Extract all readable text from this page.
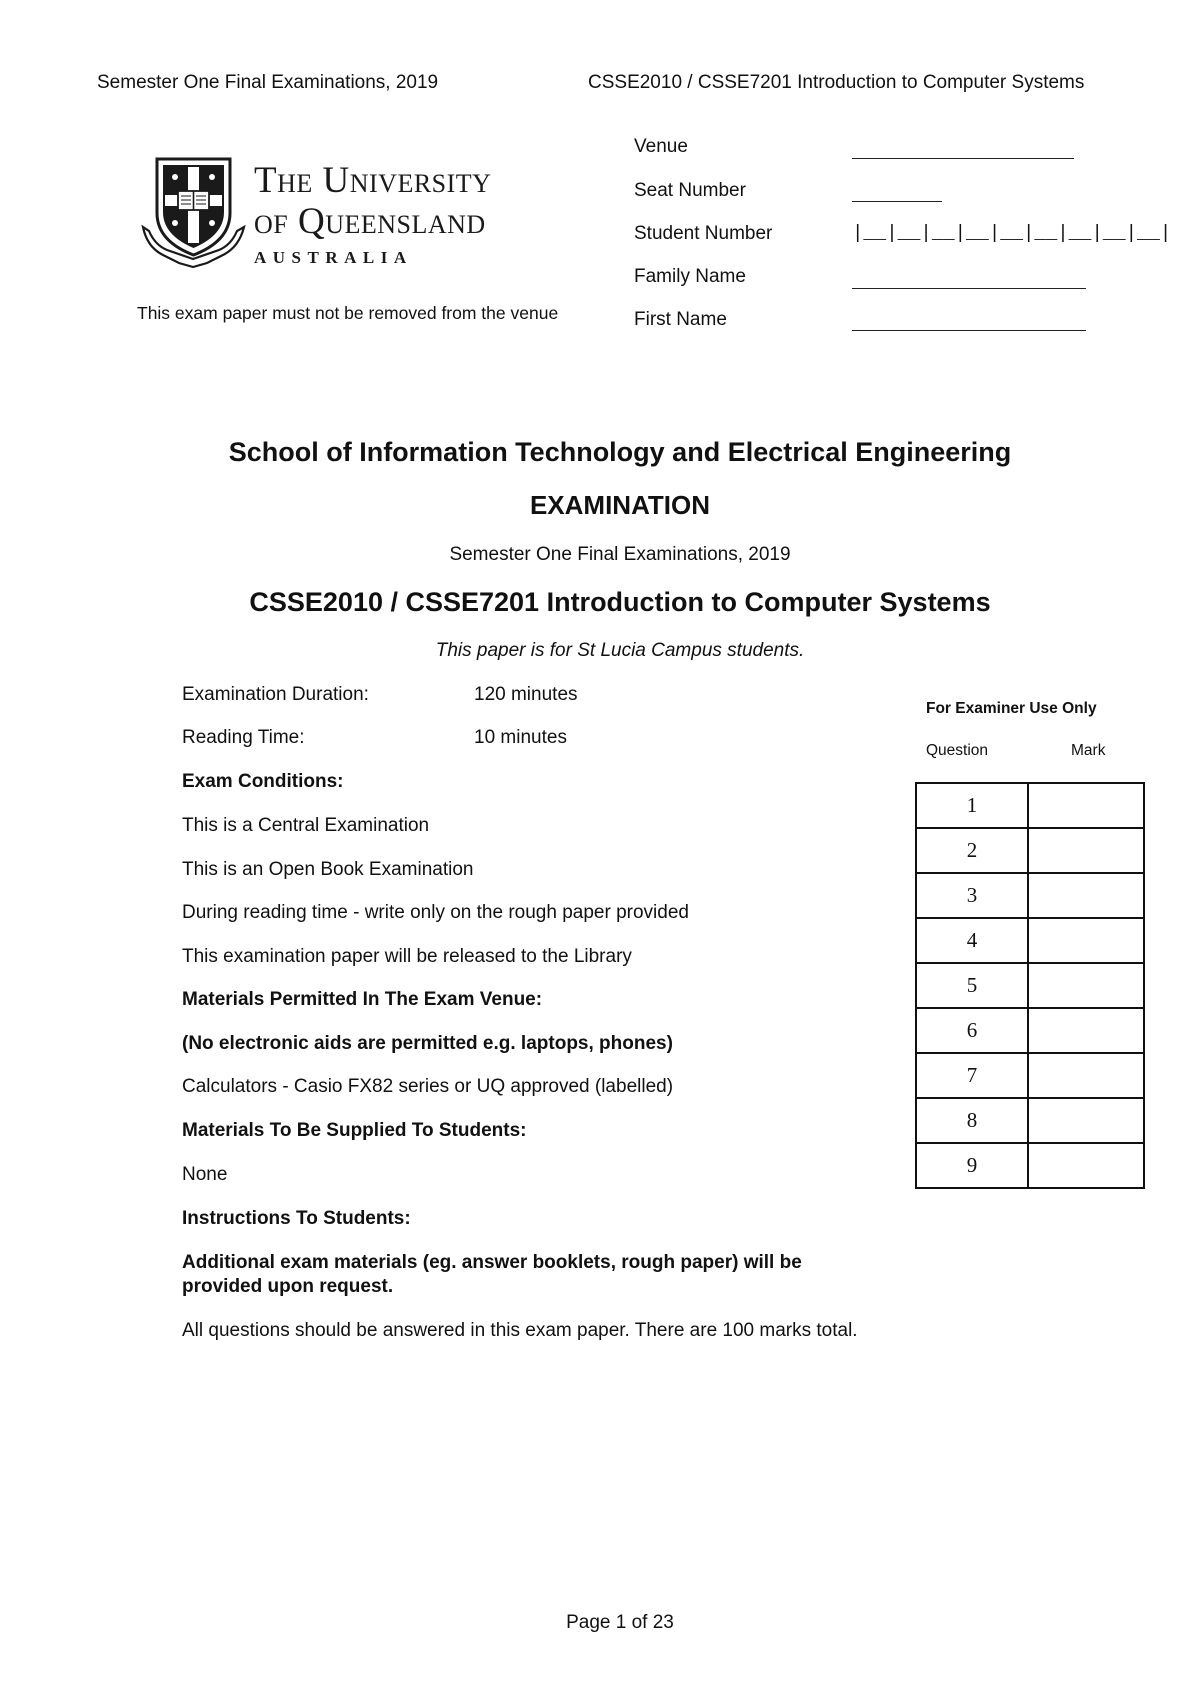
Semester One Final Examinations, 2019	CSSE2010 / CSSE7201 Introduction to Computer Systems
The University
of Queensland
AUSTRALIA
This exam paper must not be removed from the venue
Venue
Seat Number
Student Number	|__|__|__|__|__|__|__|__|__|
Family Name
First Name
School of Information Technology and Electrical Engineering
EXAMINATION
Semester One Final Examinations, 2019
CSSE2010 / CSSE7201 Introduction to Computer Systems
This paper is for St Lucia Campus students.
Examination Duration:	120 minutes
Reading Time:	10 minutes
Exam Conditions:
This is a Central Examination
This is an Open Book Examination
During reading time - write only on the rough paper provided
This examination paper will be released to the Library
Materials Permitted In The Exam Venue:
(No electronic aids are permitted e.g. laptops, phones)
Calculators - Casio FX82 series or UQ approved (labelled)
Materials To Be Supplied To Students:
None
Instructions To Students:
Additional exam materials (eg. answer booklets, rough paper) will be
provided upon request.
All questions should be answered in this exam paper. There are 100 marks total.
For Examiner Use Only
Question	Mark
1	
2	
3	
4	
5	
6	
7	
8	
9	
Page 1 of 23
